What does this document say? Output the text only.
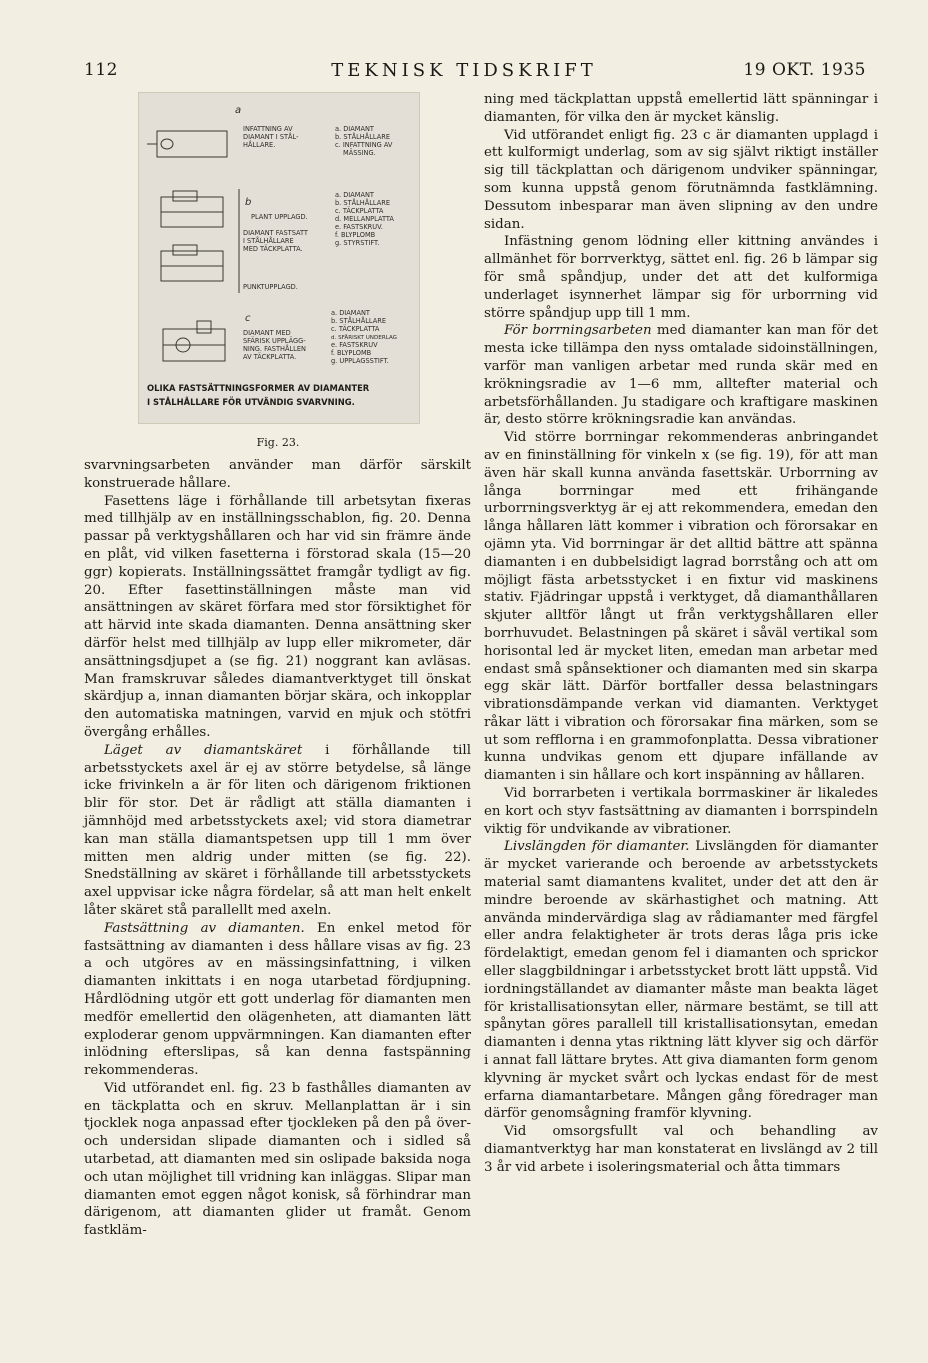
112	TEKNISK TIDSKRIFT	19 OKT. 1935
a
INFATTNING AV
DIAMANT I STÅL-
HÅLLARE.
a. DIAMANT
b. STÅLHÅLLARE
c. INFATTNING AV
MÄSSING.
b
PLANT UPPLAGD.
DIAMANT FASTSATT
I STÅLHÅLLARE
MED TÄCKPLATTA.
PUNKTUPPLAGD.
a. DIAMANT
b. STÅLHÅLLARE
c. TÄCKPLATTA
d. MELLANPLATTA
e. FASTSKRUV.
f. BLYPLOMB
g. STYRSTIFT.
c
DIAMANT MED
SFÄRISK UPPLÄGG-
NING. FASTHÅLLEN
AV TÄCKPLATTA.
a. DIAMANT
b. STÅLHÅLLARE
c. TÄCKPLATTA
d. SFÄRISKT UNDERLAG
e. FASTSKRUV
f. BLYPLOMB
g. UPPLAGSSTIFT.
OLIKA FASTSÄTTNINGSFORMER AV DIAMANTER
I STÅLHÅLLARE FÖR UTVÄNDIG SVARVNING.
Fig. 23.

svarvningsarbeten använder man därför särskilt konstruerade hållare.

Fasettens läge i förhållande till arbetsytan fixeras med tillhjälp av en inställningsschablon, fig. 20. Denna passar på verktygshållaren och har vid sin främre ände en plåt, vid vilken fasetterna i förstorad skala (15—20 ggr) kopierats. Inställningssättet framgår tydligt av fig. 20. Efter fasettinställningen måste man vid ansättningen av skäret förfara med stor försiktighet för att härvid inte skada diamanten. Denna ansättning sker därför helst med tillhjälp av lupp eller mikrometer, där ansättningsdjupet a (se fig. 21) noggrant kan avläsas. Man framskruvar således diamantverktyget till önskat skärdjup a, innan diamanten börjar skära, och inkopplar den automatiska matningen, varvid en mjuk och stötfri övergång erhålles.

Läget av diamantskäret i förhållande till arbetsstyckets axel är ej av större betydelse, så länge icke frivinkeln a är för liten och därigenom friktionen blir för stor. Det är rådligt att ställa diamanten i jämnhöjd med arbetsstyckets axel; vid stora diametrar kan man ställa diamantspetsen upp till 1 mm över mitten men aldrig under mitten (se fig. 22). Snedställning av skäret i förhållande till arbetsstyckets axel uppvisar icke några fördelar, så att man helt enkelt låter skäret stå parallellt med axeln.

Fastsättning av diamanten. En enkel metod för fastsättning av diamanten i dess hållare visas av fig. 23 a och utgöres av en mässingsinfattning, i vilken diamanten inkittats i en noga utarbetad fördjupning. Hårdlödning utgör ett gott underlag för diamanten men medför emellertid den olägenheten, att diamanten lätt exploderar genom uppvärmningen. Kan diamanten efter inlödning efterslipas, så kan denna fastspänning rekommenderas.

Vid utförandet enl. fig. 23 b fasthålles diamanten av en täckplatta och en skruv. Mellanplattan är i sin tjocklek noga anpassad efter tjockleken på den på över- och undersidan slipade diamanten och i sidled så utarbetad, att diamanten med sin oslipade baksida noga och utan möjlighet till vridning kan inläggas. Slipar man diamanten emot eggen något konisk, så förhindrar man därigenom, att diamanten glider ut framåt. Genom fastkläm-

ning med täckplattan uppstå emellertid lätt spänningar i diamanten, för vilka den är mycket känslig.

Vid utförandet enligt fig. 23 c är diamanten upplagd i ett kulformigt underlag, som av sig självt riktigt inställer sig till täckplattan och därigenom undviker spänningar, som kunna uppstå genom förutnämnda fastklämning. Dessutom inbesparar man även slipning av den undre sidan.

Infästning genom lödning eller kittning användes i allmänhet för borrverktyg, sättet enl. fig. 26 b lämpar sig för små spåndjup, under det att det kulformiga underlaget isynnerhet lämpar sig för urborrning vid större spåndjup upp till 1 mm.

För borrningsarbeten med diamanter kan man för det mesta icke tillämpa den nyss omtalade sidoinställningen, varför man vanligen arbetar med runda skär med en krökningsradie av 1—6 mm, alltefter material och arbetsförhållanden. Ju stadigare och kraftigare maskinen är, desto större krökningsradie kan användas.

Vid större borrningar rekommenderas anbringandet av en fininställning för vinkeln x (se fig. 19), för att man även här skall kunna använda fasettskär. Urborrning av långa borrningar med ett frihängande urborrningsverktyg är ej att rekommendera, emedan den långa hållaren lätt kommer i vibration och förorsakar en ojämn yta. Vid borrningar är det alltid bättre att spänna diamanten i en dubbelsidigt lagrad borrstång och att om möjligt fästa arbetsstycket i en fixtur vid maskinens stativ. Fjädringar uppstå i verktyget, då diamanthållaren skjuter alltför långt ut från verktygshållaren eller borrhuvudet. Belastningen på skäret i såväl vertikal som horisontal led är mycket liten, emedan man arbetar med endast små spånsektioner och diamanten med sin skarpa egg skär lätt. Därför bortfaller dessa belastningars vibrationsdämpande verkan vid diamanten. Verktyget råkar lätt i vibration och förorsakar fina märken, som se ut som refflorna i en grammofonplatta. Dessa vibrationer kunna undvikas genom ett djupare infällande av diamanten i sin hållare och kort inspänning av hållaren.

Vid borrarbeten i vertikala borrmaskiner är likaledes en kort och styv fastsättning av diamanten i borrspindeln viktig för undvikande av vibrationer.

Livslängden för diamanter. Livslängden för diamanter är mycket varierande och beroende av arbetsstyckets material samt diamantens kvalitet, under det att den är mindre beroende av skärhastighet och matning. Att använda mindervärdiga slag av rådiamanter med färgfel eller andra felaktigheter är trots deras låga pris icke fördelaktigt, emedan genom fel i diamanten och sprickor eller slaggbildningar i arbetsstycket brott lätt uppstå. Vid iordningställandet av diamanter måste man beakta läget för kristallisationsytan eller, närmare bestämt, se till att spånytan göres parallell till kristallisationsytan, emedan diamanten i denna ytas riktning lätt klyver sig och därför i annat fall lättare brytes. Att giva diamanten form genom klyvning är mycket svårt och lyckas endast för de mest erfarna diamantarbetare. Mången gång föredrager man därför genomsågning framför klyvning.

Vid omsorgsfullt val och behandling av diamantverktyg har man konstaterat en livslängd av 2 till 3 år vid arbete i isoleringsmaterial och åtta timmars
